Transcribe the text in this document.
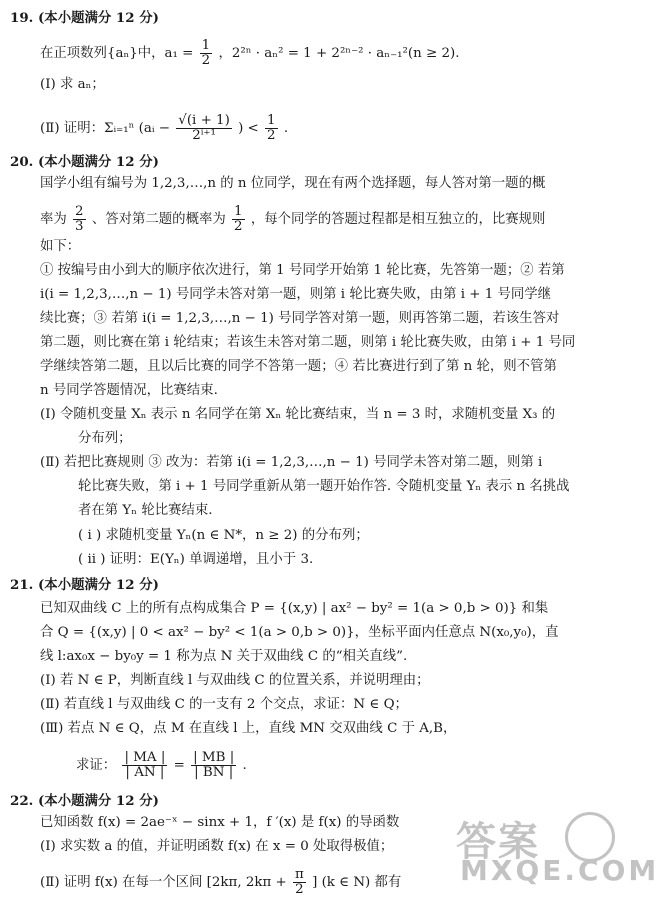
19. (本小题满分 12 分)
在正项数列{aₙ}中，$a_1 = \frac{1}{2}$ ，2²ⁿ · aₙ² = 1 + 2²ⁿ⁻² · aₙ₋₁²(n ≥ 2).
(Ⅰ) 求 aₙ；
(Ⅱ) 证明：Σᵢ₌₁ⁿ (aᵢ − $\frac{√(i + 1)}{\text{2ⁱ⁺¹}}$ ) < $\frac{1}{2}$ .
20. (本小题满分 12 分)
国学小组有编号为 1,2,3,…,n 的 n 位同学，现在有两个选择题，每人答对第一题的概
率为 $\frac{2}{3}$ 、答对第二题的概率为 $\frac{1}{2}$ ，每个同学的答题过程都是相互独立的，比赛规则
如下：
① 按编号由小到大的顺序依次进行，第 1 号同学开始第 1 轮比赛，先答第一题；② 若第
i(i = 1,2,3,…,n − 1) 号同学未答对第一题，则第 i 轮比赛失败，由第 i + 1 号同学继
续比赛；③ 若第 i(i = 1,2,3,…,n − 1) 号同学答对第一题，则再答第二题，若该生答对
第二题，则比赛在第 i 轮结束；若该生未答对第二题，则第 i 轮比赛失败，由第 i + 1 号同
学继续答第二题，且以后比赛的同学不答第一题；④ 若比赛进行到了第 n 轮，则不管第
n 号同学答题情况，比赛结束.
(Ⅰ) 令随机变量 Xₙ 表示 n 名同学在第 Xₙ 轮比赛结束，当 n = 3 时，求随机变量 X₃ 的
分布列；
(Ⅱ) 若把比赛规则 ③ 改为：若第 i(i = 1,2,3,…,n − 1) 号同学未答对第二题，则第 i
轮比赛失败，第 i + 1 号同学重新从第一题开始作答. 令随机变量 Yₙ 表示 n 名挑战
者在第 Yₙ 轮比赛结束.
( i ) 求随机变量 Yₙ(n ∈ N*，n ≥ 2) 的分布列；
( ii ) 证明：E(Yₙ) 单调递增，且小于 3.
21. (本小题满分 12 分)
已知双曲线 C 上的所有点构成集合 P = {(x,y) | ax² − by² = 1(a > 0,b > 0)} 和集
合 Q = {(x,y) | 0 < ax² − by² < 1(a > 0,b > 0)}，坐标平面内任意点 N(x₀,y₀)，直
线 l:ax₀x − by₀y = 1 称为点 N 关于双曲线 C 的“相关直线”.
(Ⅰ) 若 N ∈ P，判断直线 l 与双曲线 C 的位置关系，并说明理由；
(Ⅱ) 若直线 l 与双曲线 C 的一支有 2 个交点，求证：N ∈ Q；
(Ⅲ) 若点 N ∈ Q，点 M 在直线 l 上，直线 MN 交双曲线 C 于 A,B，
求证： $\frac{| MA |}{| AN |} = \frac{| MB |}{| BN |}$ .
22. (本小题满分 12 分)
已知函数 f(x) = 2ae⁻ˣ − sinx + 1，f ′(x) 是 f(x) 的导函数
(Ⅰ) 求实数 a 的值，并证明函数 f(x) 在 x = 0 处取得极值；
(Ⅱ) 证明 f(x) 在每一个区间 [2kπ, $2k\pi + \frac{\pi}{2}$ ] (k ∈ N) 都有
答案
MXQE.COM
